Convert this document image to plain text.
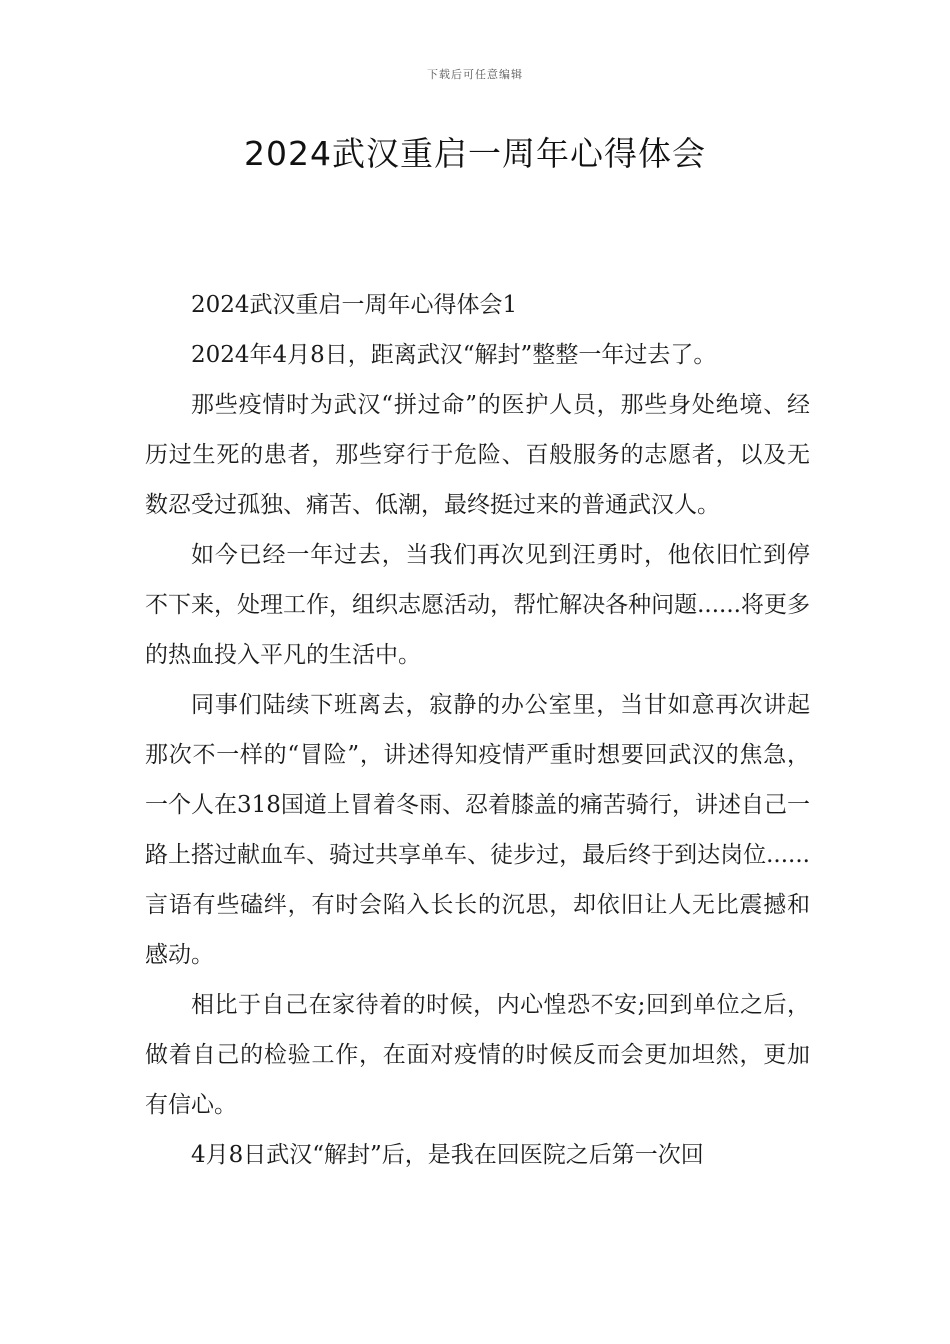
下载后可任意编辑
2024武汉重启一周年心得体会

2024武汉重启一周年心得体会1

2024年4月8日，距离武汉“解封”整整一年过去了。

那些疫情时为武汉“拼过命”的医护人员，那些身处绝境、经历过生死的患者，那些穿行于危险、百般服务的志愿者，以及无数忍受过孤独、痛苦、低潮，最终挺过来的普通武汉人。

如今已经一年过去，当我们再次见到汪勇时，他依旧忙到停不下来，处理工作，组织志愿活动，帮忙解决各种问题......将更多的热血投入平凡的生活中。

同事们陆续下班离去，寂静的办公室里，当甘如意再次讲起那次不一样的“冒险”，讲述得知疫情严重时想要回武汉的焦急，一个人在318国道上冒着冬雨、忍着膝盖的痛苦骑行，讲述自己一路上搭过献血车、骑过共享单车、徒步过，最后终于到达岗位......言语有些磕绊，有时会陷入长长的沉思，却依旧让人无比震撼和感动。

相比于自己在家待着的时候，内心惶恐不安;回到单位之后，做着自己的检验工作，在面对疫情的时候反而会更加坦然，更加有信心。

4月8日武汉“解封”后，是我在回医院之后第一次回
